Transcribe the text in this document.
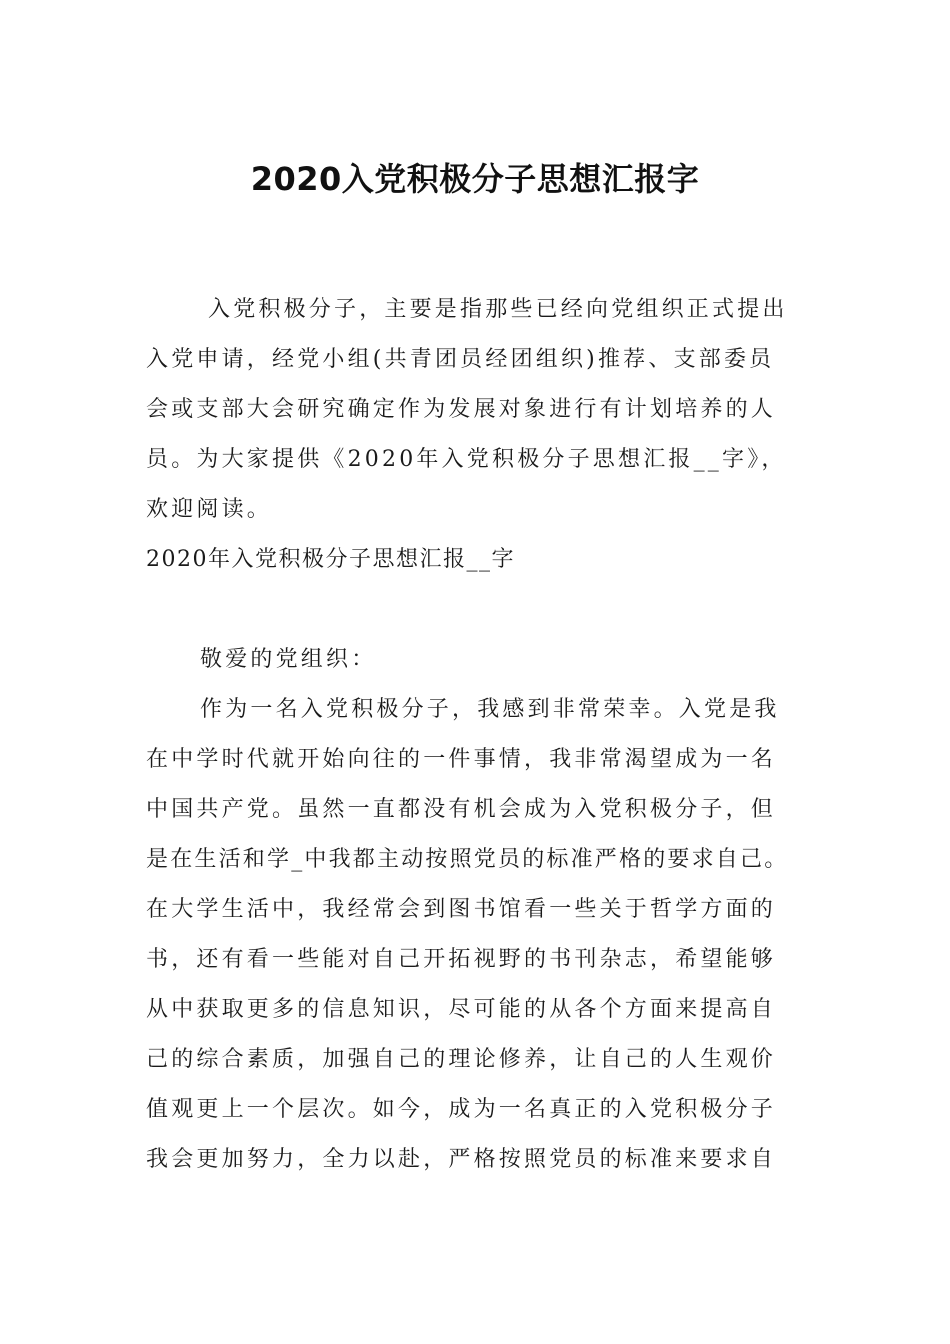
2020入党积极分子思想汇报字
入党积极分子，主要是指那些已经向党组织正式提出
入党申请，经党小组(共青团员经团组织)推荐、支部委员
会或支部大会研究确定作为发展对象进行有计划培养的人
员。为大家提供《2020年入党积极分子思想汇报__字》，
欢迎阅读。
2020年入党积极分子思想汇报__字
敬爱的党组织：
作为一名入党积极分子，我感到非常荣幸。入党是我
在中学时代就开始向往的一件事情，我非常渴望成为一名
中国共产党。虽然一直都没有机会成为入党积极分子，但
是在生活和学_中我都主动按照党员的标准严格的要求自己。
在大学生活中，我经常会到图书馆看一些关于哲学方面的
书，还有看一些能对自己开拓视野的书刊杂志，希望能够
从中获取更多的信息知识，尽可能的从各个方面来提高自
己的综合素质，加强自己的理论修养，让自己的人生观价
值观更上一个层次。如今，成为一名真正的入党积极分子
我会更加努力，全力以赴，严格按照党员的标准来要求自
